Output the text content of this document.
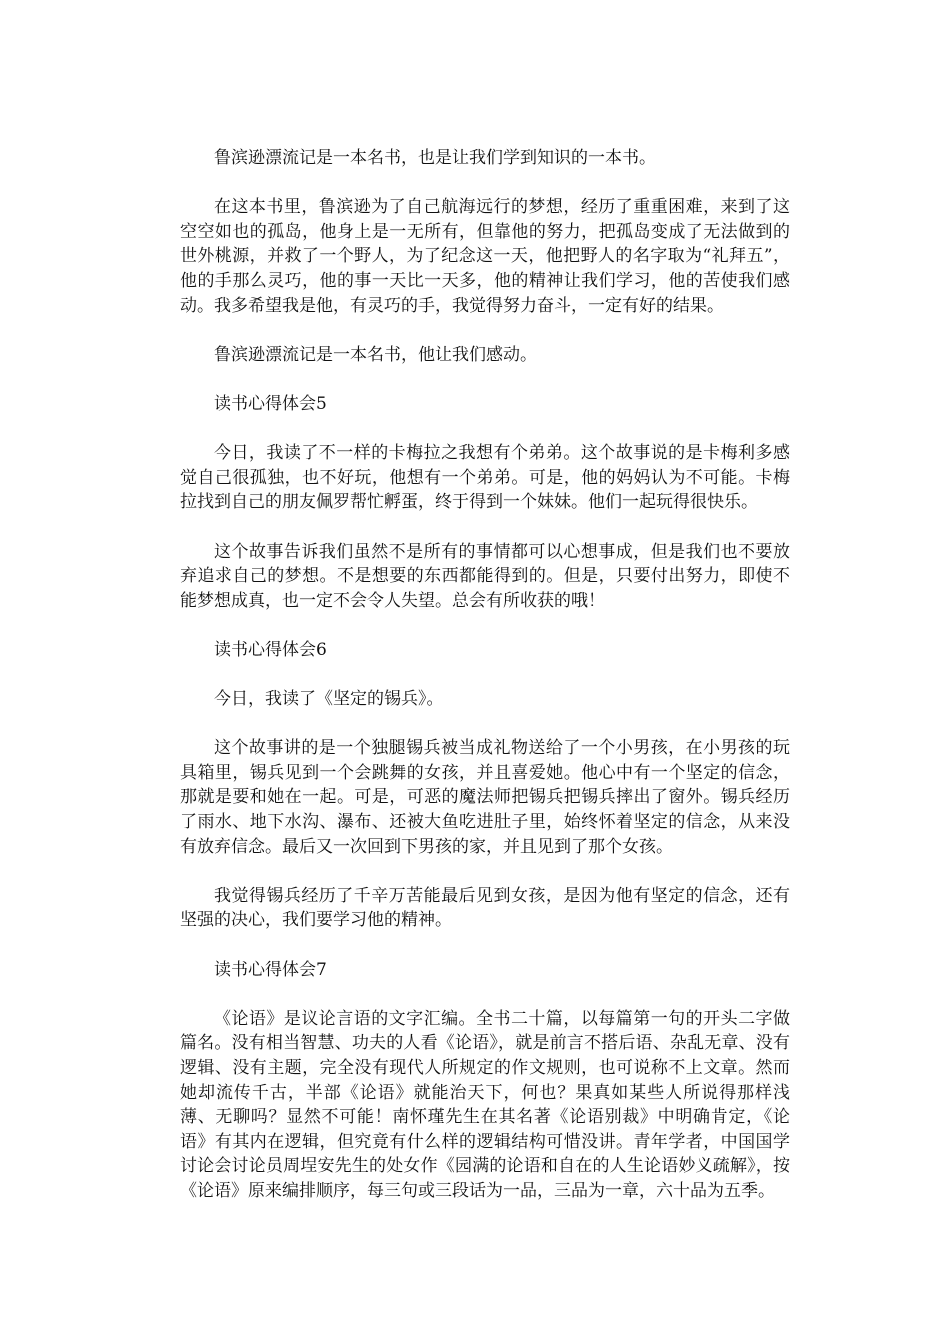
鲁滨逊漂流记是一本名书，也是让我们学到知识的一本书。

在这本书里，鲁滨逊为了自己航海远行的梦想，经历了重重困难，来到了这空空如也的孤岛，他身上是一无所有，但靠他的努力，把孤岛变成了无法做到的世外桃源，并救了一个野人，为了纪念这一天，他把野人的名字取为“礼拜五”，他的手那么灵巧，他的事一天比一天多，他的精神让我们学习，他的苦使我们感动。我多希望我是他，有灵巧的手，我觉得努力奋斗，一定有好的结果。

鲁滨逊漂流记是一本名书，他让我们感动。

读书心得体会5

今日，我读了不一样的卡梅拉之我想有个弟弟。这个故事说的是卡梅利多感觉自己很孤独，也不好玩，他想有一个弟弟。可是，他的妈妈认为不可能。卡梅拉找到自己的朋友佩罗帮忙孵蛋，终于得到一个妹妹。他们一起玩得很快乐。

这个故事告诉我们虽然不是所有的事情都可以心想事成，但是我们也不要放弃追求自己的梦想。不是想要的东西都能得到的。但是，只要付出努力，即使不能梦想成真，也一定不会令人失望。总会有所收获的哦！

读书心得体会6

今日，我读了《坚定的锡兵》。

这个故事讲的是一个独腿锡兵被当成礼物送给了一个小男孩，在小男孩的玩具箱里，锡兵见到一个会跳舞的女孩，并且喜爱她。他心中有一个坚定的信念，那就是要和她在一起。可是，可恶的魔法师把锡兵把锡兵摔出了窗外。锡兵经历了雨水、地下水沟、瀑布、还被大鱼吃进肚子里，始终怀着坚定的信念，从来没有放弃信念。最后又一次回到下男孩的家，并且见到了那个女孩。

我觉得锡兵经历了千辛万苦能最后见到女孩，是因为他有坚定的信念，还有坚强的决心，我们要学习他的精神。

读书心得体会7

《论语》是议论言语的文字汇编。全书二十篇，以每篇第一句的开头二字做篇名。没有相当智慧、功夫的人看《论语》，就是前言不搭后语、杂乱无章、没有逻辑、没有主题，完全没有现代人所规定的作文规则，也可说称不上文章。然而她却流传千古，半部《论语》就能治天下，何也？果真如某些人所说得那样浅薄、无聊吗？显然不可能！南怀瑾先生在其名著《论语别裁》中明确肯定，《论语》有其内在逻辑，但究竟有什么样的逻辑结构可惜没讲。青年学者，中国国学讨论会讨论员周埕安先生的处女作《园满的论语和自在的人生论语妙义疏解》，按《论语》原来编排顺序，每三句或三段话为一品，三品为一章，六十品为五季。
